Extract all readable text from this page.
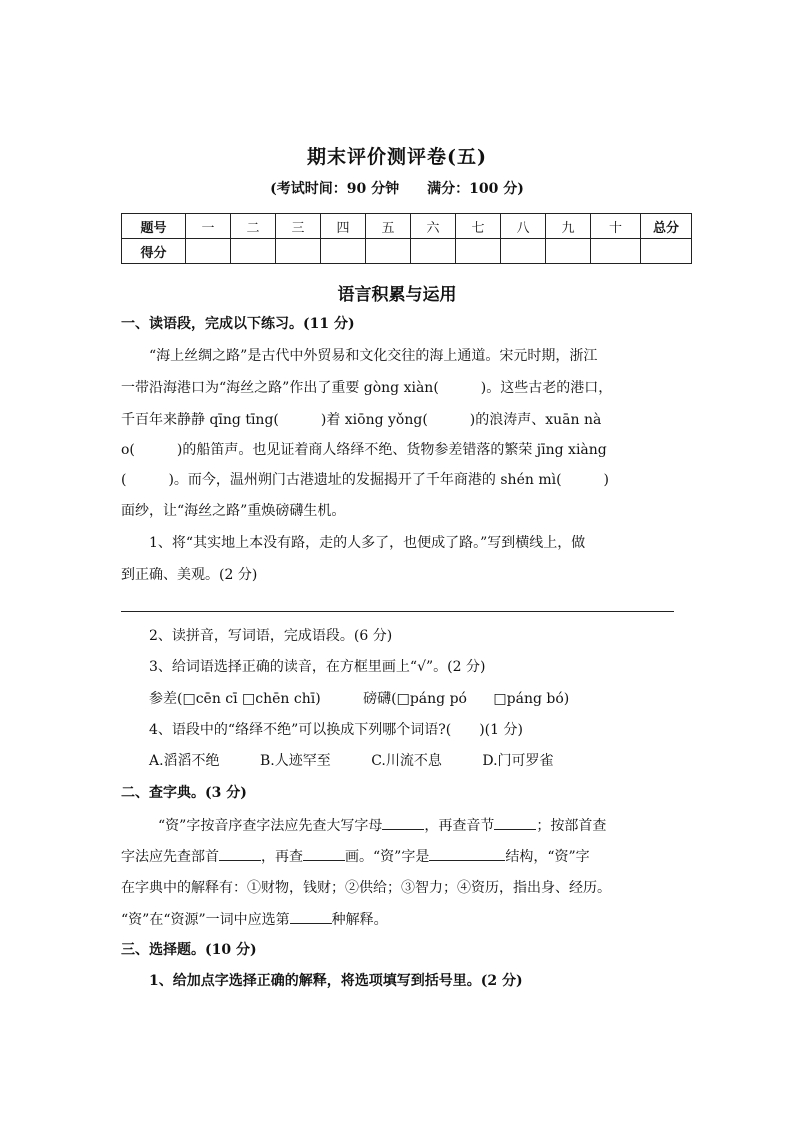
期末评价测评卷(五)
(考试时间：90 分钟 满分：100 分)
题号	一	二	三	四	五	六	七	八	九	十	总分
得分											
语言积累与运用
一、读语段，完成以下练习。(11 分)
“海上丝绸之路”是古代中外贸易和文化交往的海上通道。宋元时期，浙江
一带沿海港口为“海丝之路”作出了重要 gòng xiàn(　　　)。这些古老的港口，
千百年来静静 qīng tīng(　　　)着 xiōng yǒng(　　　)的浪涛声、xuān nà
o(　　　)的船笛声。也见证着商人络绎不绝、货物参差错落的繁荣 jīng xiàng
(　　　)。而今，温州朔门古港遗址的发掘揭开了千年商港的 shén mì(　　　)
面纱，让“海丝之路”重焕磅礴生机。
1、将“其实地上本没有路，走的人多了，也便成了路。”写到横线上，做
到正确、美观。(2 分)
2、读拼音，写词语，完成语段。(6 分)
3、给词语选择正确的读音，在方框里画上“√”。(2 分)
参差(□cēn cī □chēn chī)	磅礴(□páng pó □páng bó)
4、语段中的“络绎不绝”可以换成下列哪个词语?(　　)(1 分)
A.滔滔不绝	B.人迹罕至	C.川流不息	D.门可罗雀
二、查字典。(3 分)
“资”字按音序查字法应先查大写字母	，再查音节	；按部首查
字法应先查部首	，再查	画。“资”字是	结构，“资”字
在字典中的解释有：①财物，钱财；②供给；③智力；④资历，指出身、经历。
“资”在“资源”一词中应选第	种解释。
三、选择题。(10 分)
1、给加点字选择正确的解释，将选项填写到括号里。(2 分)
